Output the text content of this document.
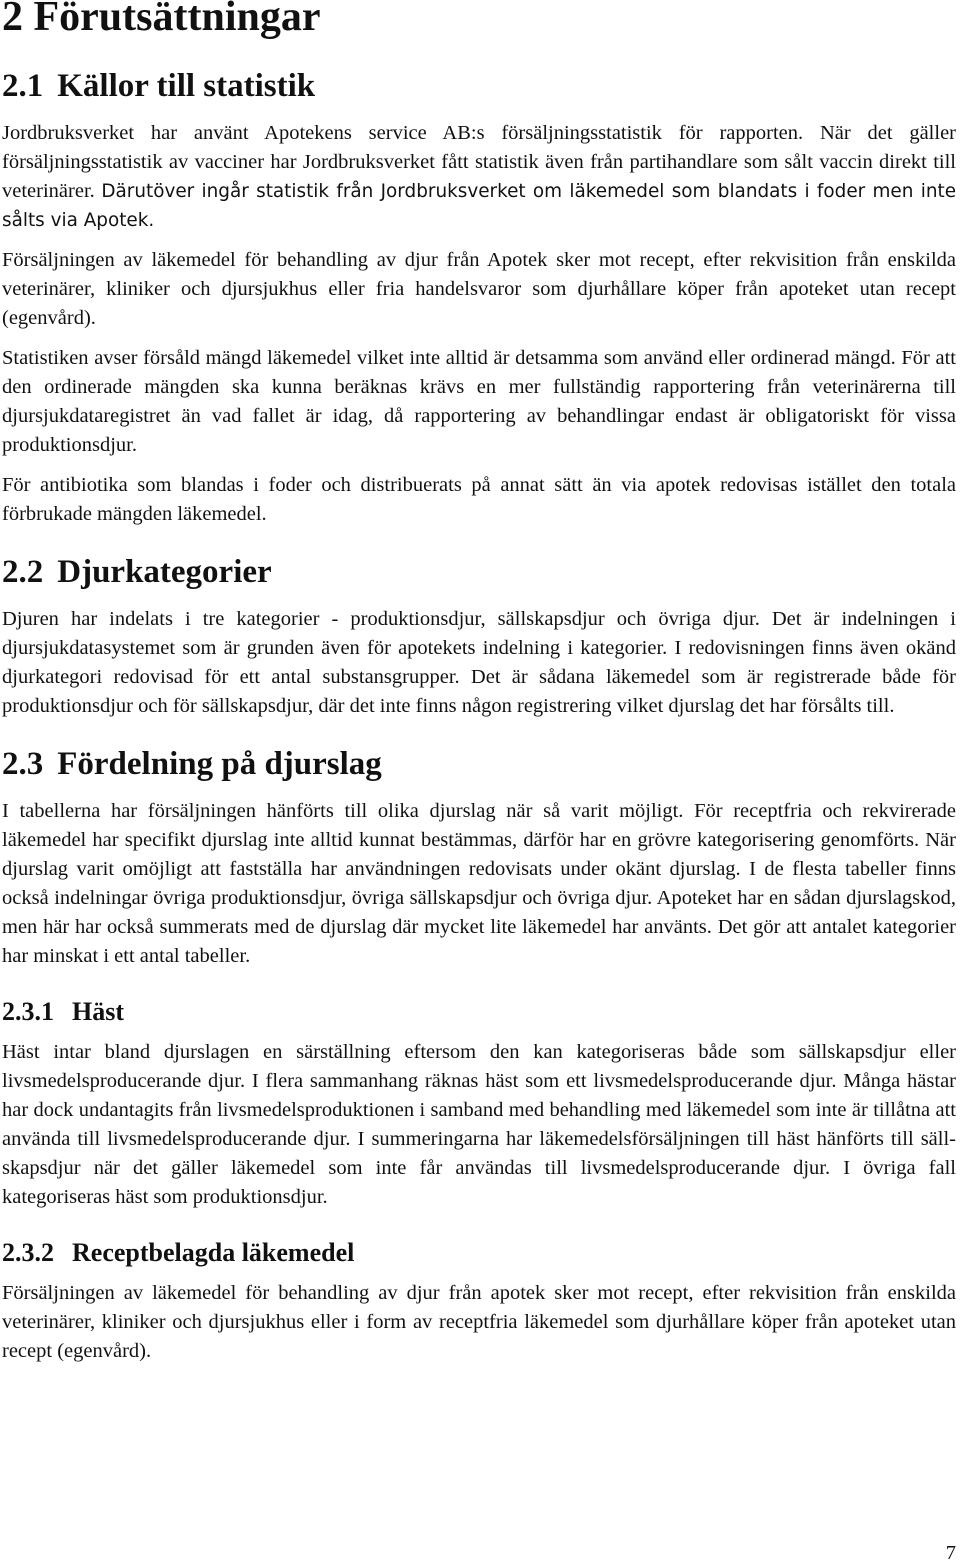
2 Förutsättningar
2.1 Källor till statistik

Jordbruksverket har använt Apotekens service AB:s försäljningsstatistik för rapporten. När det gäller försäljningsstatistik av vacciner har Jordbruksverket fått statistik även från partihandlare som sålt vaccin direkt till veterinärer. Därutöver ingår statistik från Jordbruksverket om läkemedel som blandats i foder men inte sålts via Apotek.

Försäljningen av läkemedel för behandling av djur från Apotek sker mot recept, efter rekvisition från enskilda veterinärer, kliniker och djursjukhus eller fria handelsvaror som djurhållare köper från apoteket utan recept (egenvård).

Statistiken avser försåld mängd läkemedel vilket inte alltid är detsamma som använd eller ordinerad mängd. För att den ordinerade mängden ska kunna beräknas krävs en mer fullständig rapportering från veterinärerna till djursjukdataregistret än vad fallet är idag, då rapportering av behandlingar endast är obligatoriskt för vissa produktionsdjur.

För antibiotika som blandas i foder och distribuerats på annat sätt än via apotek redovisas istället den totala förbrukade mängden läkemedel.

2.2 Djurkategorier

Djuren har indelats i tre kategorier - produktionsdjur, sällskapsdjur och övriga djur. Det är indelningen i djursjukdatasystemet som är grunden även för apotekets indelning i kategorier. I redovisningen finns även okänd djurkategori redovisad för ett antal substansgrupper. Det är sådana läkemedel som är registrerade både för produktionsdjur och för sällskapsdjur, där det inte finns någon registrering vilket djurslag det har försålts till.

2.3 Fördelning på djurslag

I tabellerna har försäljningen hänförts till olika djurslag när så varit möjligt. För receptfria och rekvirerade läkemedel har specifikt djurslag inte alltid kunnat bestämmas, därför har en grövre kategorisering genomförts. När djurslag varit omöjligt att fastställa har användningen redovisats under okänt djurslag. I de flesta tabeller finns också indelningar övriga produktionsdjur, övriga sällskapsdjur och övriga djur. Apoteket har en sådan djurslagskod, men här har också summerats med de djurslag där mycket lite läkemedel har använts. Det gör att antalet kategorier har minskat i ett antal tabeller.

2.3.1 Häst

Häst intar bland djurslagen en särställning eftersom den kan kategoriseras både som sällskapsdjur eller livsmedelsproducerande djur. I flera sammanhang räknas häst som ett livsmedelsproducerande djur. Många hästar har dock undantagits från livsmedelsproduktionen i samband med behandling med läkemedel som inte är tillåtna att använda till livsmedelsproducerande djur. I summeringarna har läkemedelsförsäljningen till häst hänförts till sällskapsdjur när det gäller läkemedel som inte får användas till livsmedelsproducerande djur. I övriga fall kategoriseras häst som produktionsdjur.

2.3.2 Receptbelagda läkemedel

Försäljningen av läkemedel för behandling av djur från apotek sker mot recept, efter rekvisition från enskilda veterinärer, kliniker och djursjukhus eller i form av receptfria läkemedel som djurhållare köper från apoteket utan recept (egenvård).

7
